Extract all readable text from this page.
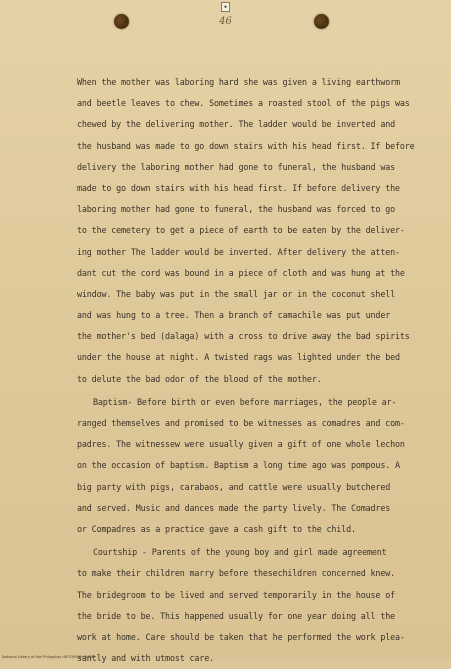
▪
46
When the mother was laboring hard she was given a living earthworm
and beetle leaves to chew. Sometimes a roasted stool of the pigs was
chewed by the delivering mother. The ladder would be inverted and
the husband was made to go down stairs with his head first. If before
delivery the laboring mother had gone to funeral, the husband was
made to go down stairs with his head first. If before delivery the
laboring mother had gone to funeral, the husband was forced to go
to the cemetery to get a piece of earth to be eaten by the deliver-
ing mother The ladder would be inverted. After delivery the atten-
dant cut the cord was bound in a piece of cloth and was hung at the
window. The baby was put in the small jar or in the coconut shell
and was hung to a tree. Then a branch of camachile was put under
the mother's bed (dalaga) with a cross to drive away the bad spirits
under the house at night. A twisted rags was lighted under the bed
to delute the bad odor of the blood of the mother.
Baptism- Before birth or even before marriages, the people ar-
ranged themselves and promised to be witnesses as comadres and com-
padres. The witnessew were usually given a gift of one whole lechon
on the occasion of baptism. Baptism a long time ago was pompous. A
big party with pigs, carabaos, and cattle were usually butchered
and served. Music and dances made the party lively. The Comadres
or Compadres as a practice gave a cash gift to the child.
Courtship - Parents of the young boy and girl made agreement
to make their children marry before thesechildren concerned knew.
The bridegroom to be lived and served temporarily in the house of
the bride to be. This happened usually for one year doing all the
work at home. Care should be taken that he performed the work plea-
santly and with utmost care.
National Library of the Philippines HISTORICAL DATA
